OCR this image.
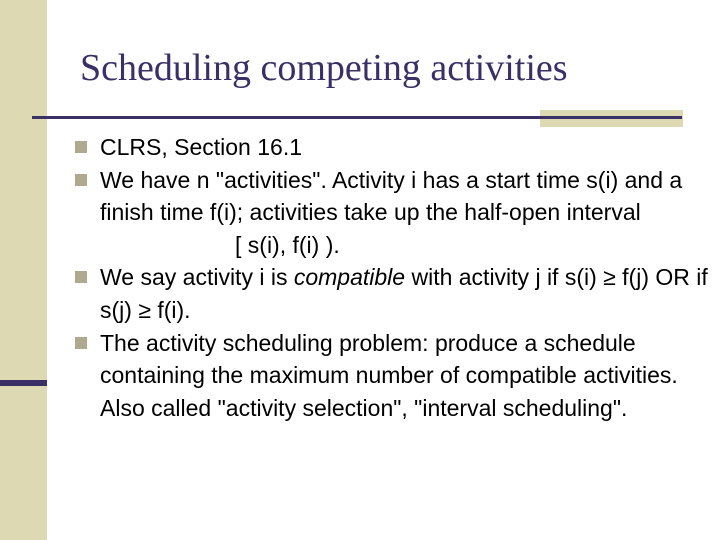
Scheduling competing activities
CLRS, Section 16.1
We have n "activities". Activity i has a start time s(i) and a finish time f(i); activities take up the half-open interval
[ s(i), f(i) ).
We say activity i is compatible with activity j if s(i) ≥ f(j) OR if s(j) ≥ f(i).
The activity scheduling problem: produce a schedule containing the maximum number of compatible activities. Also called "activity selection", "interval scheduling".
